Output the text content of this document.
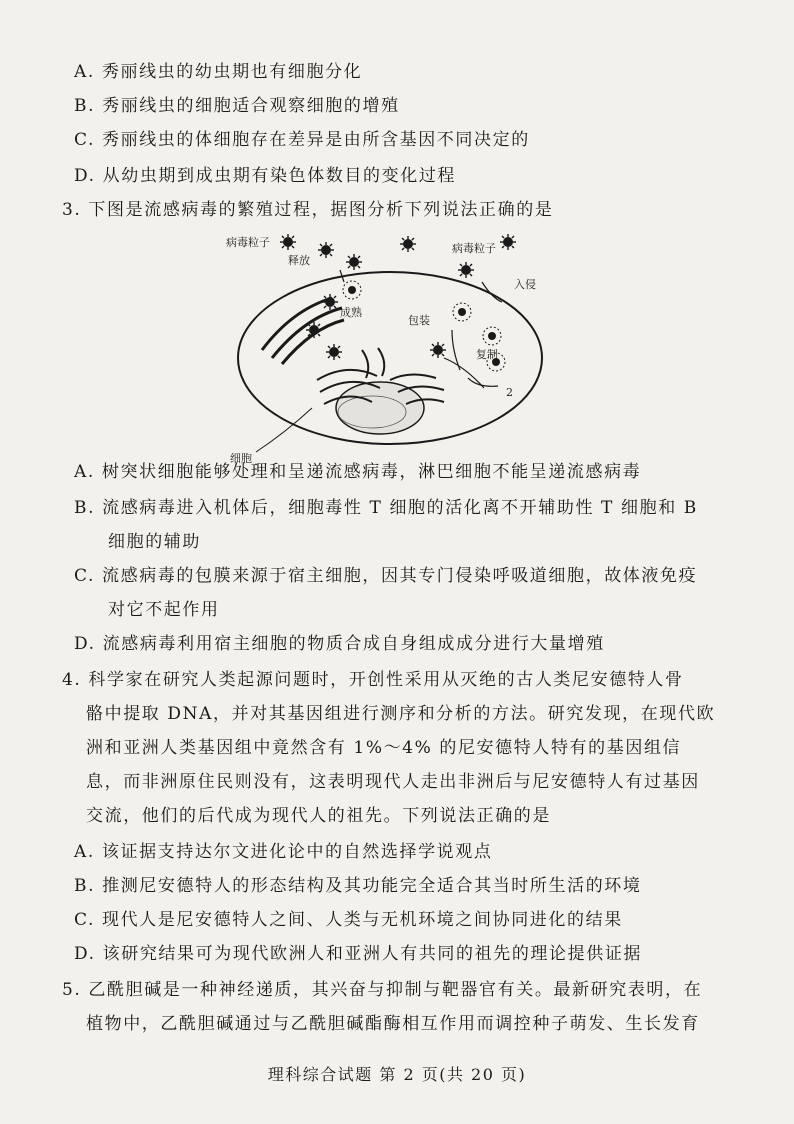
A. 秀丽线虫的幼虫期也有细胞分化
B. 秀丽线虫的细胞适合观察细胞的增殖
C. 秀丽线虫的体细胞存在差异是由所含基因不同决定的
D. 从幼虫期到成虫期有染色体数目的变化过程
3. 下图是流感病毒的繁殖过程，据图分析下列说法正确的是
病毒粒子
释放
病毒粒子
入侵
成熟
包装
复制
2
细胞
A. 树突状细胞能够处理和呈递流感病毒，淋巴细胞不能呈递流感病毒
B. 流感病毒进入机体后，细胞毒性 T 细胞的活化离不开辅助性 T 细胞和 B
细胞的辅助
C. 流感病毒的包膜来源于宿主细胞，因其专门侵染呼吸道细胞，故体液免疫
对它不起作用
D. 流感病毒利用宿主细胞的物质合成自身组成成分进行大量增殖
4. 科学家在研究人类起源问题时，开创性采用从灭绝的古人类尼安德特人骨
骼中提取 DNA，并对其基因组进行测序和分析的方法。研究发现，在现代欧
洲和亚洲人类基因组中竟然含有 1%～4% 的尼安德特人特有的基因组信
息，而非洲原住民则没有，这表明现代人走出非洲后与尼安德特人有过基因
交流，他们的后代成为现代人的祖先。下列说法正确的是
A. 该证据支持达尔文进化论中的自然选择学说观点
B. 推测尼安德特人的形态结构及其功能完全适合其当时所生活的环境
C. 现代人是尼安德特人之间、人类与无机环境之间协同进化的结果
D. 该研究结果可为现代欧洲人和亚洲人有共同的祖先的理论提供证据
5. 乙酰胆碱是一种神经递质，其兴奋与抑制与靶器官有关。最新研究表明，在
植物中，乙酰胆碱通过与乙酰胆碱酯酶相互作用而调控种子萌发、生长发育
理科综合试题 第 2 页(共 20 页)
